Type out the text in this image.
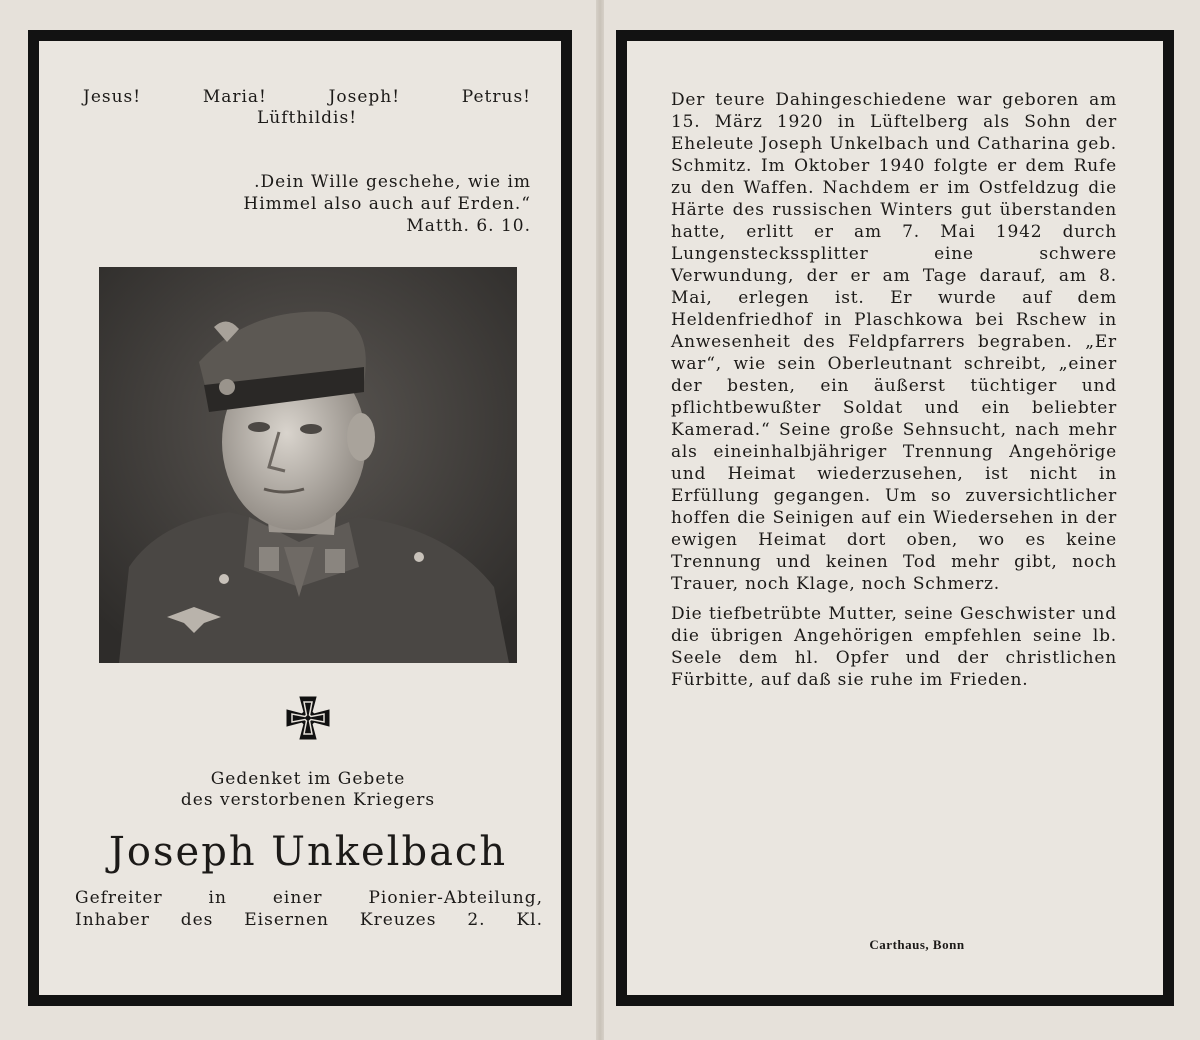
Jesus!	Maria!	Joseph!	Petrus!
Lüfthildis!
.Dein Wille geschehe, wie im
Himmel also auch auf Erden.“
Matth. 6. 10.
Gedenket im Gebete
des verstorbenen Kriegers
Joseph Unkelbach
Gefreiter in einer Pionier-Abteilung,
Inhaber des Eisernen Kreuzes 2. Kl.

Der teure Dahingeschiedene war geboren am 15. März 1920 in Lüftelberg als Sohn der Eheleute Joseph Unkelbach und Catharina geb. Schmitz. Im Oktober 1940 folgte er dem Rufe zu den Waffen. Nachdem er im Ostfeldzug die Härte des russischen Winters gut überstanden hatte, erlitt er am 7. Mai 1942 durch Lungensteckssplitter eine schwere Verwundung, der er am Tage darauf, am 8. Mai, erlegen ist. Er wurde auf dem Heldenfriedhof in Plaschkowa bei Rschew in Anwesenheit des Feldpfarrers begraben. „Er war“, wie sein Oberleutnant schreibt, „einer der besten, ein äußerst tüchtiger und pflichtbewußter Soldat und ein beliebter Kamerad.“ Seine große Sehnsucht, nach mehr als eineinhalbjähriger Trennung Angehörige und Heimat wiederzusehen, ist nicht in Erfüllung gegangen. Um so zuversichtlicher hoffen die Seinigen auf ein Wiedersehen in der ewigen Heimat dort oben, wo es keine Trennung und keinen Tod mehr gibt, noch Trauer, noch Klage, noch Schmerz.

Die tiefbetrübte Mutter, seine Geschwister und die übrigen Angehörigen empfehlen seine lb. Seele dem hl. Opfer und der christlichen Fürbitte, auf daß sie ruhe im Frieden.

Carthaus, Bonn
